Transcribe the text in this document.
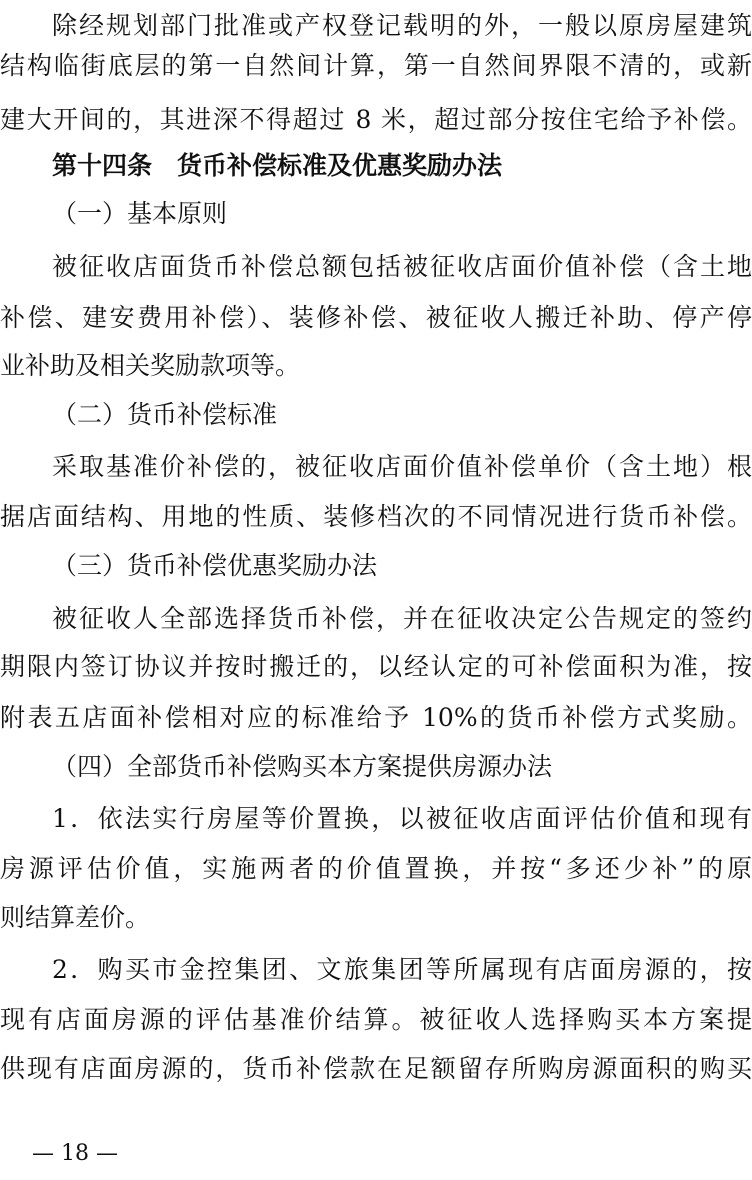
除经规划部门批准或产权登记载明的外，一般以原房屋建筑

结构临街底层的第一自然间计算，第一自然间界限不清的，或新

建大开间的，其进深不得超过 8 米，超过部分按住宅给予补偿。

第十四条　货币补偿标准及优惠奖励办法

（一）基本原则

被征收店面货币补偿总额包括被征收店面价值补偿（含土地

补偿、建安费用补偿）、装修补偿、被征收人搬迁补助、停产停

业补助及相关奖励款项等。

（二）货币补偿标准

采取基准价补偿的，被征收店面价值补偿单价（含土地）根

据店面结构、用地的性质、装修档次的不同情况进行货币补偿。

（三）货币补偿优惠奖励办法

被征收人全部选择货币补偿，并在征收决定公告规定的签约

期限内签订协议并按时搬迁的，以经认定的可补偿面积为准，按

附表五店面补偿相对应的标准给予 10%的货币补偿方式奖励。

（四）全部货币补偿购买本方案提供房源办法

1．依法实行房屋等价置换，以被征收店面评估价值和现有

房源评估价值，实施两者的价值置换，并按“多还少补”的原

则结算差价。

2．购买市金控集团、文旅集团等所属现有店面房源的，按

现有店面房源的评估基准价结算。被征收人选择购买本方案提

供现有店面房源的，货币补偿款在足额留存所购房源面积的购买

— 18 —
